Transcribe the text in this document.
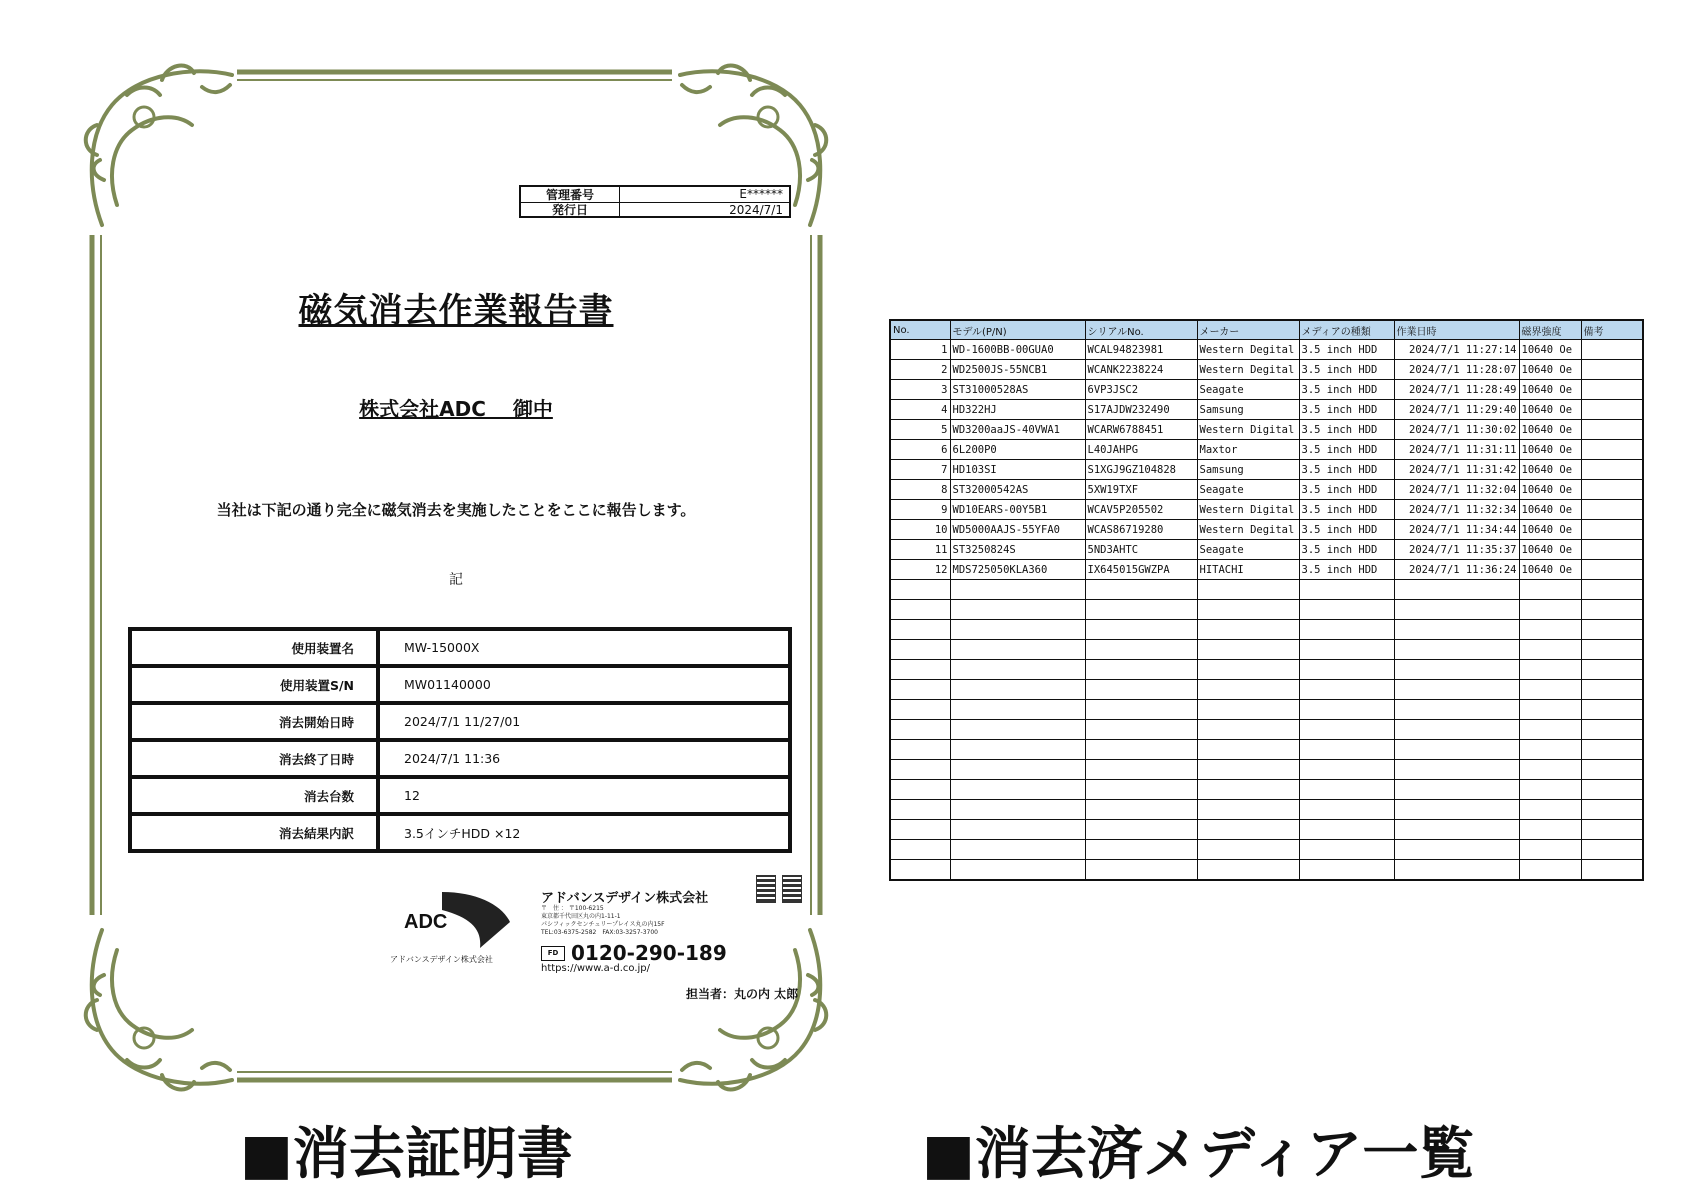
管理番号	E******
発行日	2024/7/1
磁気消去作業報告書
株式会社ADC　 御中
当社は下記の通り完全に磁気消去を実施したことをここに報告します。
記
使用装置名	MW-15000X
使用装置S/N	MW01140000
消去開始日時	2024/7/1 11/27/01
消去終了日時	2024/7/1 11:36
消去台数	12
消去結果内訳	3.5インチHDD ×12
ADC
アドバンスデザイン株式会社
アドバンスデザイン株式会社
〒　住 ： 〒100-6215
東京都千代田区丸の内1-11-1
パシフィックセンチュリープレイス丸の内15F
TEL:03-6375-2582　FAX:03-3257-3700
FD 0120-290-189
https://www.a-d.co.jp/
担当者：丸の内 太郎
■消去証明書
No.	モデル(P/N)	シリアルNo.	メーカー	メディアの種類	作業日時	磁界強度	備考
1	WD-1600BB-00GUA0	WCAL94823981	Western Degital	3.5 inch HDD	2024/7/1 11:27:14	10640 Oe	
2	WD2500JS-55NCB1	WCANK2238224	Western Degital	3.5 inch HDD	2024/7/1 11:28:07	10640 Oe	
3	ST31000528AS	6VP3JSC2	Seagate	3.5 inch HDD	2024/7/1 11:28:49	10640 Oe	
4	HD322HJ	S17AJDW232490	Samsung	3.5 inch HDD	2024/7/1 11:29:40	10640 Oe	
5	WD3200aaJS-40VWA1	WCARW6788451	Western Digital	3.5 inch HDD	2024/7/1 11:30:02	10640 Oe	
6	6L200P0	L40JAHPG	Maxtor	3.5 inch HDD	2024/7/1 11:31:11	10640 Oe	
7	HD103SI	S1XGJ9GZ104828	Samsung	3.5 inch HDD	2024/7/1 11:31:42	10640 Oe	
8	ST32000542AS	5XW19TXF	Seagate	3.5 inch HDD	2024/7/1 11:32:04	10640 Oe	
9	WD10EARS-00Y5B1	WCAV5P205502	Western Digital	3.5 inch HDD	2024/7/1 11:32:34	10640 Oe	
10	WD5000AAJS-55YFA0	WCAS86719280	Western Degital	3.5 inch HDD	2024/7/1 11:34:44	10640 Oe	
11	ST3250824S	5ND3AHTC	Seagate	3.5 inch HDD	2024/7/1 11:35:37	10640 Oe	
12	MDS725050KLA360	IX645015GWZPA	HITACHI	3.5 inch HDD	2024/7/1 11:36:24	10640 Oe	

■消去済メディア一覧
